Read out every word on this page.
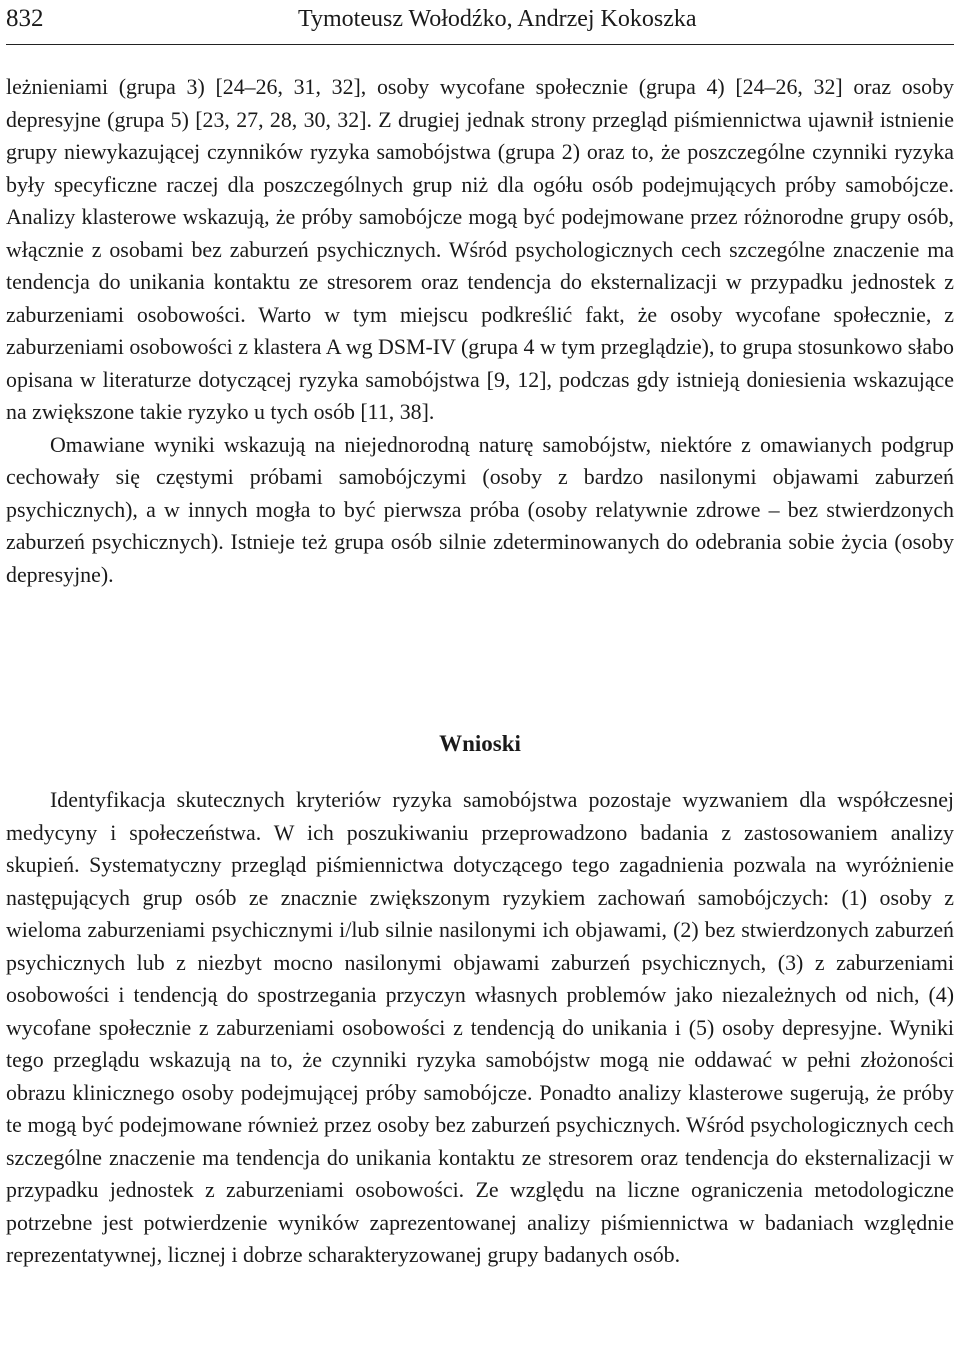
832	Tymoteusz Wołodźko, Andrzej Kokoszka

leżnieniami (grupa 3) [24–26, 31, 32], osoby wycofane społecznie (grupa 4) [24–26, 32] oraz osoby depresyjne (grupa 5) [23, 27, 28, 30, 32]. Z drugiej jednak strony przegląd piśmiennictwa ujawnił istnienie grupy niewykazującej czynników ryzyka samobójstwa (grupa 2) oraz to, że poszczególne czynniki ryzyka były specyficzne raczej dla poszczególnych grup niż dla ogółu osób podejmujących próby samobójcze. Analizy klasterowe wskazują, że próby samobójcze mogą być podejmowane przez różnorodne grupy osób, włącznie z osobami bez zaburzeń psychicznych. Wśród psychologicznych cech szczególne znaczenie ma tendencja do unikania kontaktu ze stresorem oraz tendencja do eksternalizacji w przypadku jednostek z zaburzeniami osobowości. Warto w tym miejscu podkreślić fakt, że osoby wycofane społecznie, z zaburzeniami osobowości z klastera A wg DSM-IV (grupa 4 w tym przeglądzie), to grupa stosunkowo słabo opisana w literaturze dotyczącej ryzyka samobójstwa [9, 12], podczas gdy istnieją doniesienia wskazujące na zwiększone takie ryzyko u tych osób [11, 38].

Omawiane wyniki wskazują na niejednorodną naturę samobójstw, niektóre z omawianych podgrup cechowały się częstymi próbami samobójczymi (osoby z bardzo nasilonymi objawami zaburzeń psychicznych), a w innych mogła to być pierwsza próba (osoby relatywnie zdrowe – bez stwierdzonych zaburzeń psychicznych). Istnieje też grupa osób silnie zdeterminowanych do odebrania sobie życia (osoby depresyjne).

Wnioski

Identyfikacja skutecznych kryteriów ryzyka samobójstwa pozostaje wyzwaniem dla współczesnej medycyny i społeczeństwa. W ich poszukiwaniu przeprowadzono badania z zastosowaniem analizy skupień. Systematyczny przegląd piśmiennictwa dotyczącego tego zagadnienia pozwala na wyróżnienie następujących grup osób ze znacznie zwiększonym ryzykiem zachowań samobójczych: (1) osoby z wieloma zaburzeniami psychicznymi i/lub silnie nasilonymi ich objawami, (2) bez stwierdzonych zaburzeń psychicznych lub z niezbyt mocno nasilonymi objawami zaburzeń psychicznych, (3) z zaburzeniami osobowości i tendencją do spostrzegania przyczyn własnych problemów jako niezależnych od nich, (4) wycofane społecznie z zaburzeniami osobowości z tendencją do unikania i (5) osoby depresyjne. Wyniki tego przeglądu wskazują na to, że czynniki ryzyka samobójstw mogą nie oddawać w pełni złożoności obrazu klinicznego osoby podejmującej próby samobójcze. Ponadto analizy klasterowe sugerują, że próby te mogą być podejmowane również przez osoby bez zaburzeń psychicznych. Wśród psychologicznych cech szczególne znaczenie ma tendencja do unikania kontaktu ze stresorem oraz tendencja do eksternalizacji w przypadku jednostek z zaburzeniami osobowości. Ze względu na liczne ograniczenia metodologiczne potrzebne jest potwierdzenie wyników zaprezentowanej analizy piśmiennictwa w badaniach względnie reprezentatywnej, licznej i dobrze scharakteryzowanej grupy badanych osób.
